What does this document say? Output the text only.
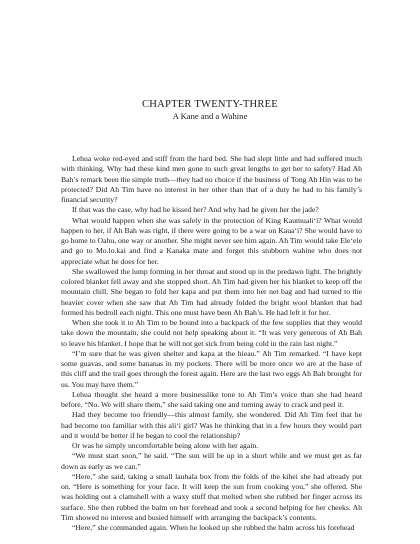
CHAPTER TWENTY-THREE
A Kane and a Wahine

Lehua woke red-eyed and stiff from the hard bed. She had slept little and had suffered much with thinking. Why had these kind men gone to such great lengths to get her to safety? Had Ah Bah’s remark been the simple truth—they had no choice if the business of Tong Ah Hin was to be protected? Did Ah Tim have no interest in her other than that of a duty he had to his family’s financial security?

If that was the case, why had he kissed her? And why had he given her the jade?

What would happen when she was safely in the protection of King Kaumuali‘i? What would happen to her, if Ah Bah was right, if there were going to be a war on Kaua‘i? She would have to go home to Oahu, one way or another. She might never see him again. Ah Tim would take Ele‘ele and go to Mo.lo.kai and find a Kanaka mate and forget this stubborn wahine who does not appreciate what he does for her.

She swallowed the lump forming in her throat and stood up in the predawn light. The brightly colored blanket fell away and she stopped short. Ah Tim had given her his blanket to keep off the mountain chill. She began to fold her kapa and put them into her net bag and had turned to the heavier cover when she saw that Ah Tim had already folded the bright wool blanket that had formed his bedroll each night. This one must have been Ah Bah’s. He had left it for her.

When she took it to Ah Tim to be bound into a backpack of the few supplies that they would take down the mountain, she could not help speaking about it. “It was very generous of Ah Bah to leave his blanket. I hope that he will not get sick from being cold in the rain last night.”

“I’m sure that he was given shelter and kapa at the hieau.” Ah Tim remarked. “I have kept some guavas, and some bananas in my pockets. There will be more once we are at the base of this cliff and the trail goes through the forest again. Here are the last two eggs Ah Bah brought for us. You may have them.”

Lehua thought she heard a more businesslike tone to Ah Tim’s voice than she had heard before. “No. We will share them,” she said taking one and turning away to crack and peel it.

Had they become too friendly—this almost family, she wondered. Did Ah Tim feel that he had become too familiar with this ali‘i girl? Was he thinking that in a few hours they would part and it would be better if he began to cool the relationship?

Or was he simply uncomfortable being alone with her again.

“We must start soon,” he said. “The sun will be up in a short while and we must get as far down as early as we can.”

“Here,” she said, taking a small lauhala box from the folds of the kihei she had already put on. “Here is something for your face. It will keep the sun from cooking you,” she offered. She was holding out a clamshell with a waxy stuff that melted when she rubbed her finger across its surface. She then rubbed the balm on her forehead and took a second helping for her cheeks. Ah Tim showed no interest and busied himself with arranging the backpack’s contents.

“Here,” she commanded again. When he looked up she rubbed the balm across his forehead
